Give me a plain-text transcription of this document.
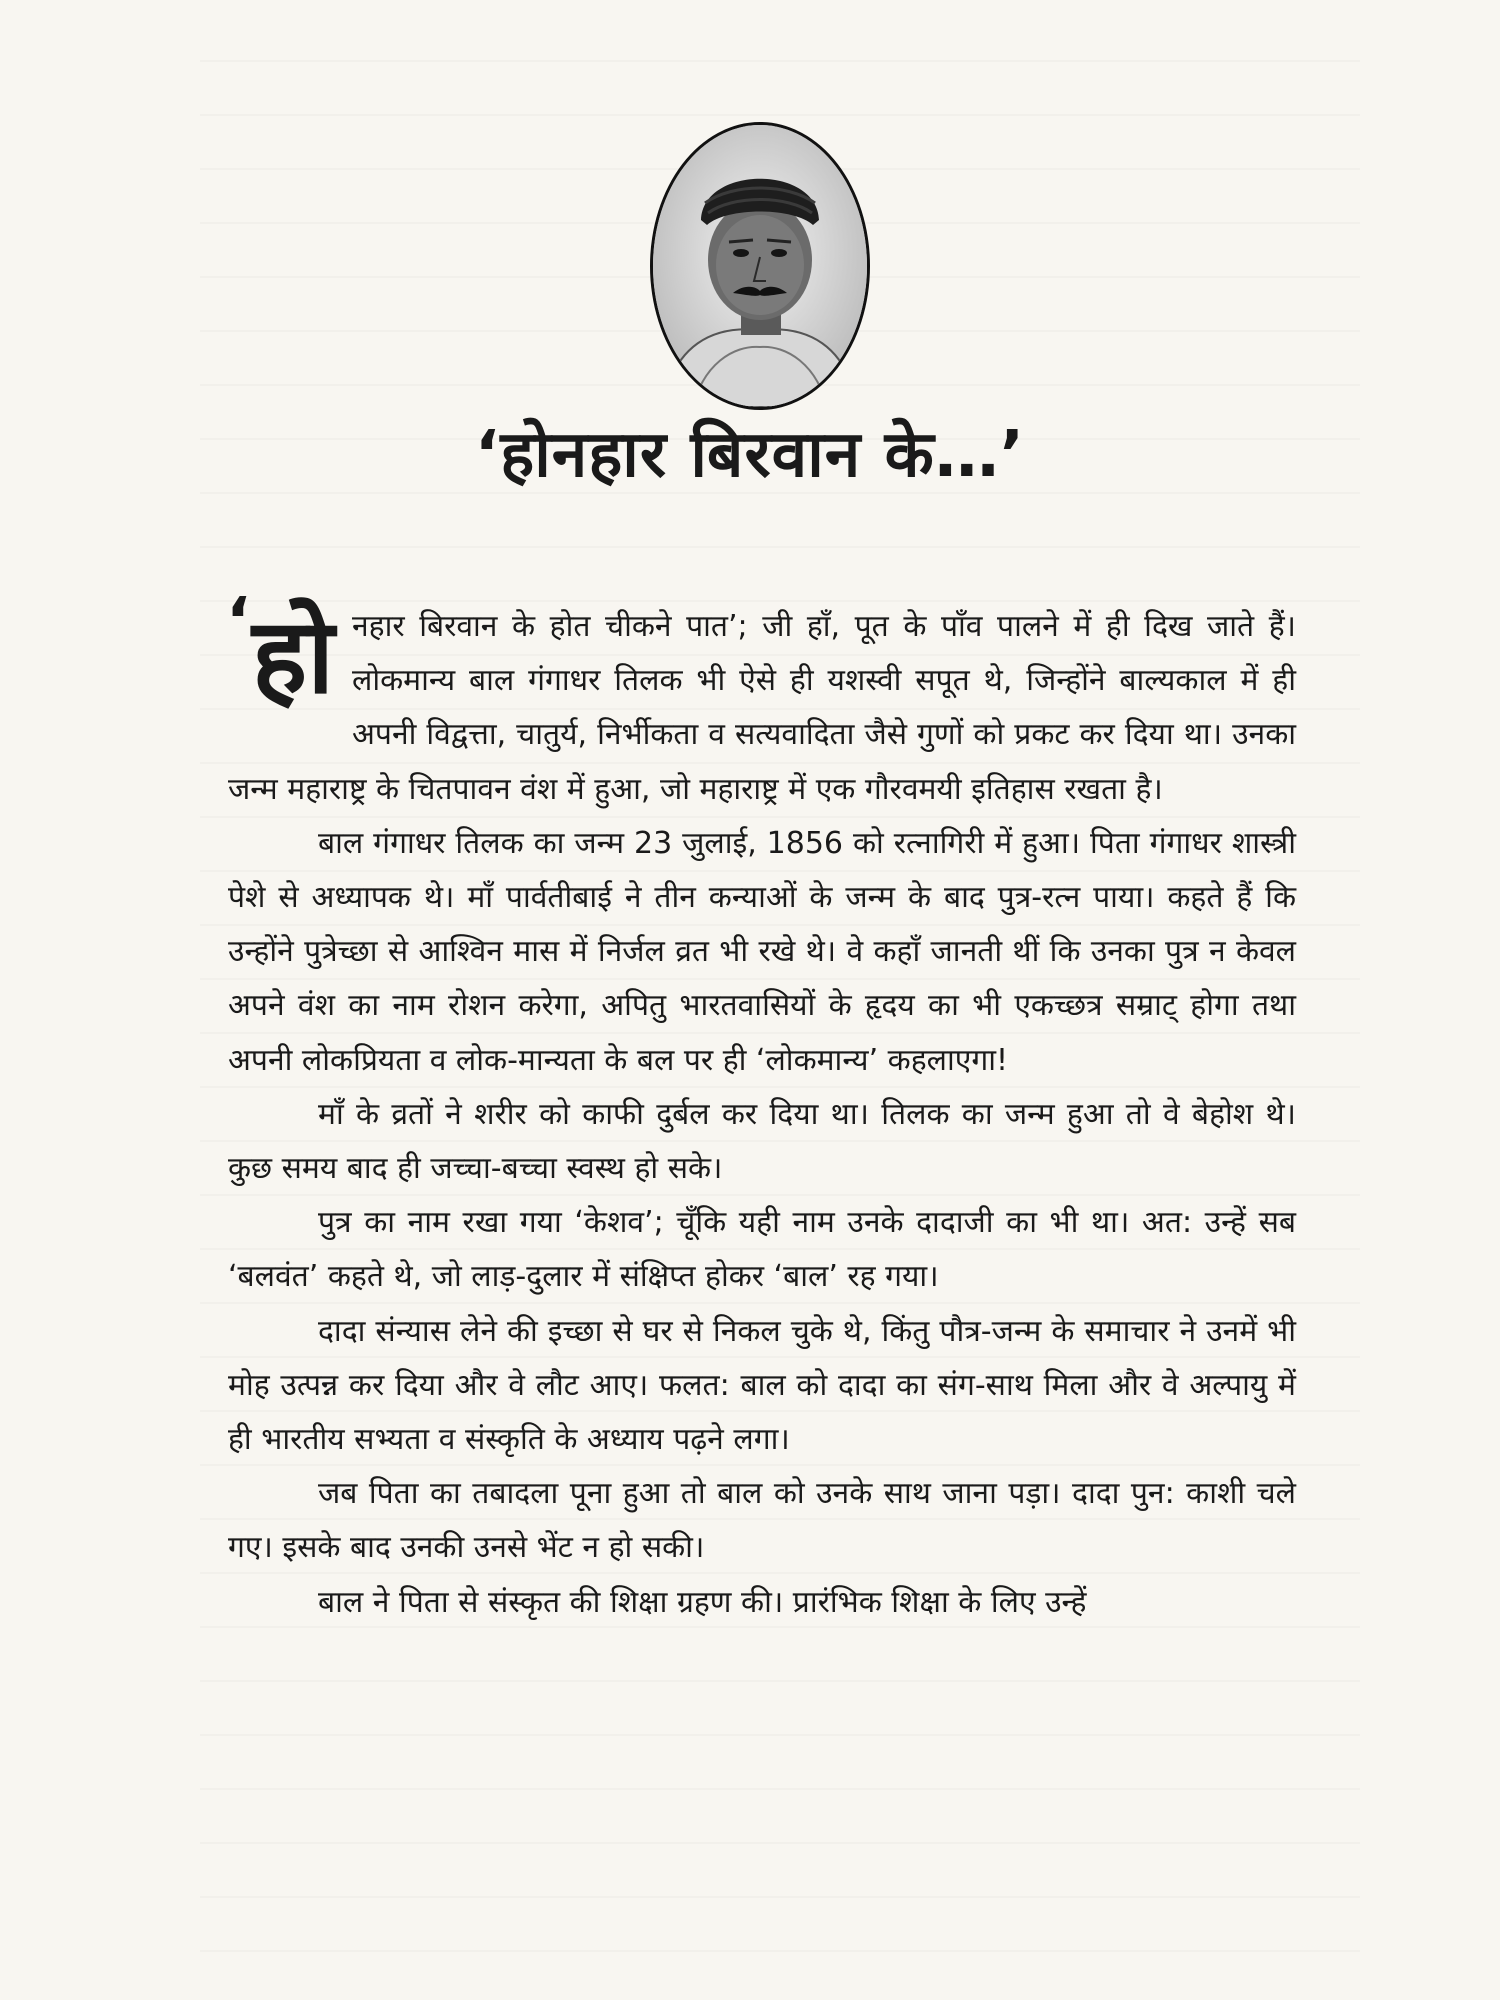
‘होनहार बिरवान के…’

‘ हो नहार बिरवान के होत चीकने पात’; जी हाँ, पूत के पाँव पालने में ही दिख जाते हैं। लोकमान्य बाल गंगाधर तिलक भी ऐसे ही यशस्वी सपूत थे, जिन्होंने बाल्यकाल में ही अपनी विद्वत्ता, चातुर्य, निर्भीकता व सत्यवादिता जैसे गुणों को प्रकट कर दिया था। उनका जन्म महाराष्ट्र के चितपावन वंश में हुआ, जो महाराष्ट्र में एक गौरवमयी इतिहास रखता है।

बाल गंगाधर तिलक का जन्म 23 जुलाई, 1856 को रत्नागिरी में हुआ। पिता गंगाधर शास्त्री पेशे से अध्यापक थे। माँ पार्वतीबाई ने तीन कन्याओं के जन्म के बाद पुत्र-रत्न पाया। कहते हैं कि उन्होंने पुत्रेच्छा से आश्विन मास में निर्जल व्रत भी रखे थे। वे कहाँ जानती थीं कि उनका पुत्र न केवल अपने वंश का नाम रोशन करेगा, अपितु भारतवासियों के हृदय का भी एकच्छत्र सम्राट् होगा तथा अपनी लोकप्रियता व लोक-मान्यता के बल पर ही ‘लोकमान्य’ कहलाएगा!

माँ के व्रतों ने शरीर को काफी दुर्बल कर दिया था। तिलक का जन्म हुआ तो वे बेहोश थे। कुछ समय बाद ही जच्चा-बच्चा स्वस्थ हो सके।

पुत्र का नाम रखा गया ‘केशव’; चूँकि यही नाम उनके दादाजी का भी था। अत: उन्हें सब ‘बलवंत’ कहते थे, जो लाड़-दुलार में संक्षिप्त होकर ‘बाल’ रह गया।

दादा संन्यास लेने की इच्छा से घर से निकल चुके थे, किंतु पौत्र-जन्म के समाचार ने उनमें भी मोह उत्पन्न कर दिया और वे लौट आए। फलत: बाल को दादा का संग-साथ मिला और वे अल्पायु में ही भारतीय सभ्यता व संस्कृति के अध्याय पढ़ने लगा।

जब पिता का तबादला पूना हुआ तो बाल को उनके साथ जाना पड़ा। दादा पुन: काशी चले गए। इसके बाद उनकी उनसे भेंट न हो सकी।

बाल ने पिता से संस्कृत की शिक्षा ग्रहण की। प्रारंभिक शिक्षा के लिए उन्हें
